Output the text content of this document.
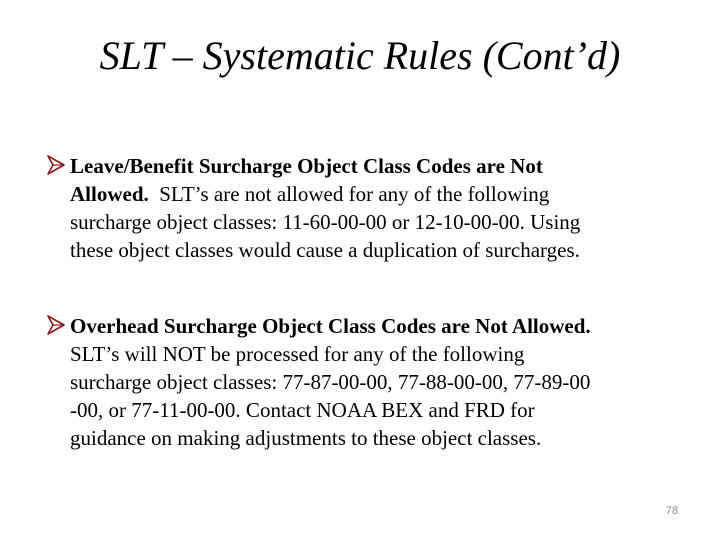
SLT – Systematic Rules (Cont’d)
Leave/Benefit Surcharge Object Class Codes are Not
Allowed.  SLT’s are not allowed for any of the following
surcharge object classes: 11-60-00-00 or 12-10-00-00. Using
these object classes would cause a duplication of surcharges.
Overhead Surcharge Object Class Codes are Not Allowed.
SLT’s will NOT be processed for any of the following
surcharge object classes: 77-87-00-00, 77-88-00-00, 77-89-00
-00, or 77-11-00-00. Contact NOAA BEX and FRD for
guidance on making adjustments to these object classes.
78
